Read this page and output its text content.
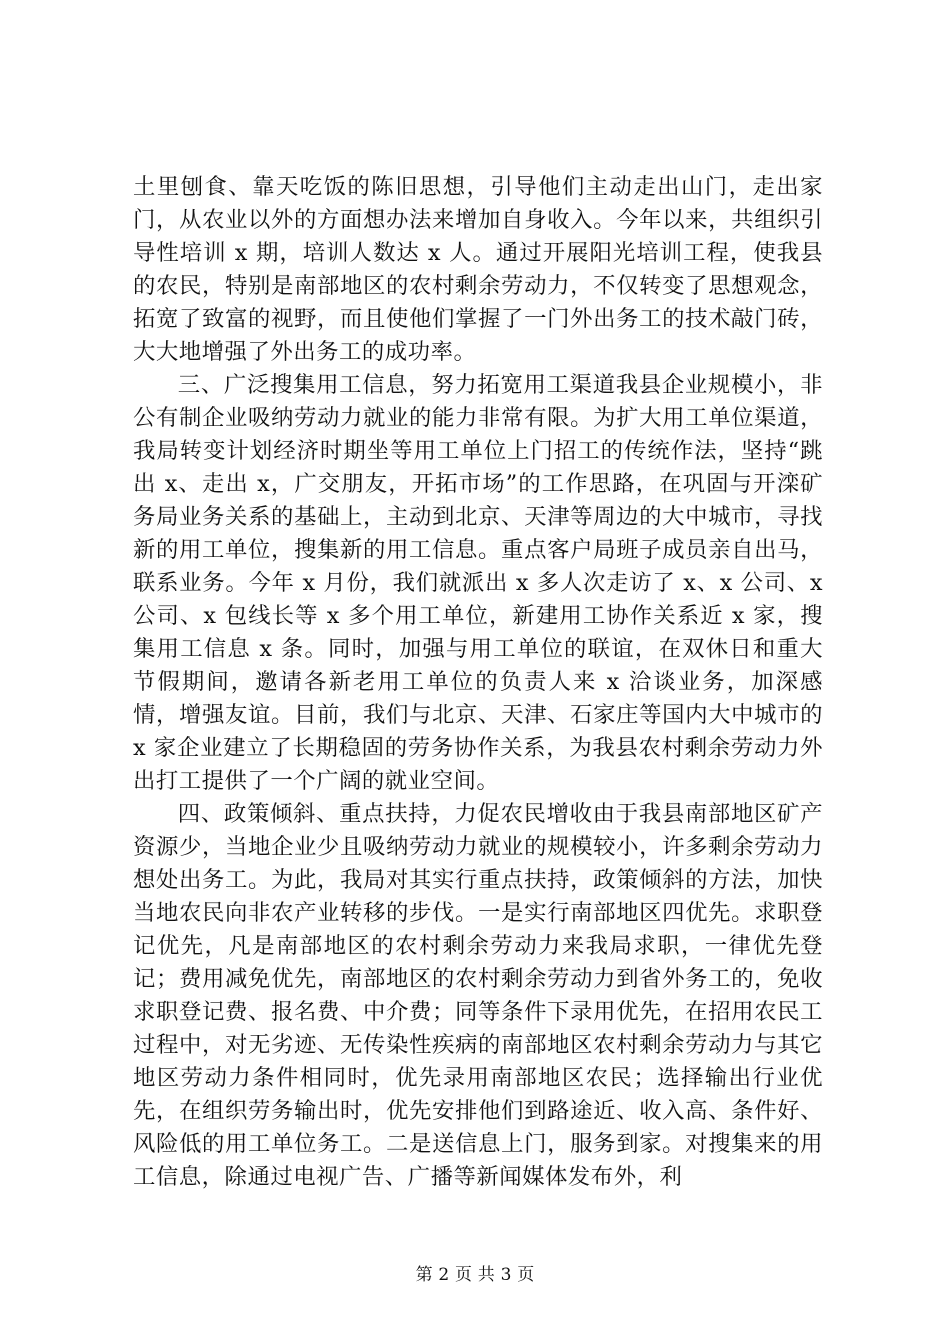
土里刨食、靠天吃饭的陈旧思想，引导他们主动走出山门，走出家门，从农业以外的方面想办法来增加自身收入。今年以来，共组织引导性培训 x 期，培训人数达 x 人。通过开展阳光培训工程，使我县的农民，特别是南部地区的农村剩余劳动力，不仅转变了思想观念，拓宽了致富的视野，而且使他们掌握了一门外出务工的技术敲门砖，大大地增强了外出务工的成功率。

三、广泛搜集用工信息，努力拓宽用工渠道我县企业规模小，非公有制企业吸纳劳动力就业的能力非常有限。为扩大用工单位渠道，我局转变计划经济时期坐等用工单位上门招工的传统作法，坚持“跳出 x、走出 x，广交朋友，开拓市场”的工作思路，在巩固与开滦矿务局业务关系的基础上，主动到北京、天津等周边的大中城市，寻找新的用工单位，搜集新的用工信息。重点客户局班子成员亲自出马，联系业务。今年 x 月份，我们就派出 x 多人次走访了 x、x 公司、x 公司、x 包线长等 x 多个用工单位，新建用工协作关系近 x 家，搜集用工信息 x 条。同时，加强与用工单位的联谊，在双休日和重大节假期间，邀请各新老用工单位的负责人来 x 洽谈业务，加深感情，增强友谊。目前，我们与北京、天津、石家庄等国内大中城市的 x 家企业建立了长期稳固的劳务协作关系，为我县农村剩余劳动力外出打工提供了一个广阔的就业空间。

四、政策倾斜、重点扶持，力促农民增收由于我县南部地区矿产资源少，当地企业少且吸纳劳动力就业的规模较小，许多剩余劳动力想处出务工。为此，我局对其实行重点扶持，政策倾斜的方法，加快当地农民向非农产业转移的步伐。一是实行南部地区四优先。求职登记优先，凡是南部地区的农村剩余劳动力来我局求职，一律优先登记；费用减免优先，南部地区的农村剩余劳动力到省外务工的，免收求职登记费、报名费、中介费；同等条件下录用优先，在招用农民工过程中，对无劣迹、无传染性疾病的南部地区农村剩余劳动力与其它地区劳动力条件相同时，优先录用南部地区农民；选择输出行业优先，在组织劳务输出时，优先安排他们到路途近、收入高、条件好、风险低的用工单位务工。二是送信息上门，服务到家。对搜集来的用工信息，除通过电视广告、广播等新闻媒体发布外，利

第 2 页 共 3 页
